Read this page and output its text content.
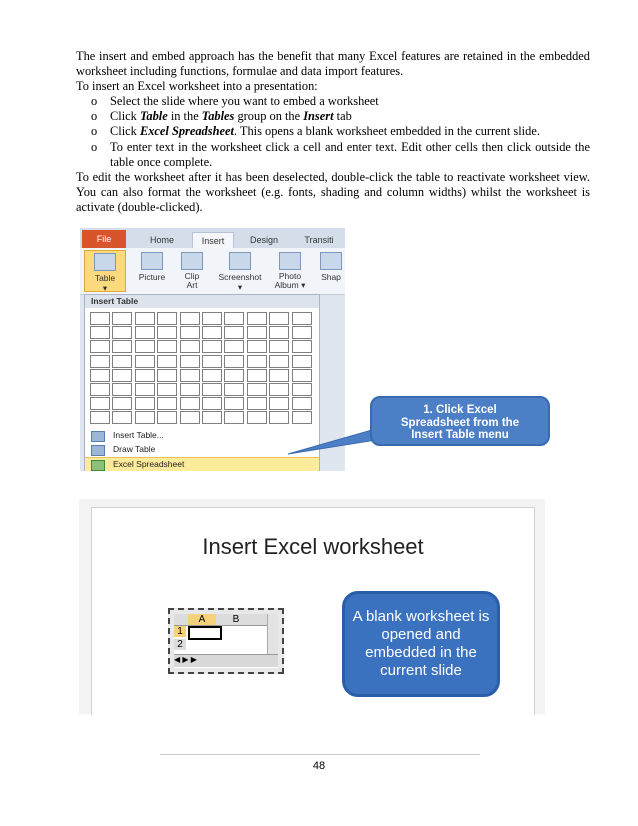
The insert and embed approach has the benefit that many Excel features are retained in the embedded worksheet including functions, formulae and data import features.

To insert an Excel worksheet into a presentation:

o Select the slide where you want to embed a worksheet
o Click Table in the Tables group on the Insert tab
o Click Excel Spreadsheet. This opens a blank worksheet embedded in the current slide.
o To enter text in the worksheet click a cell and enter text. Edit other cells then click outside the table once complete.

To edit the worksheet after it has been deselected, double-click the table to reactivate worksheet view. You can also format the worksheet (e.g. fonts, shading and column widths) whilst the worksheet is activate (double-clicked).

File	Home	Insert	Design	Transiti
Table
▾
Picture	Clip
Art
Screenshot
▾
Photo
Album ▾
Shap
Insert Table
Insert Table...
Draw Table
Excel Spreadsheet
1. Click Excel
Spreadsheet from the
Insert Table menu
Insert Excel worksheet
A	B
1
2
◀ ▶ ▶
A blank worksheet is
opened and
embedded in the
current slide
48
